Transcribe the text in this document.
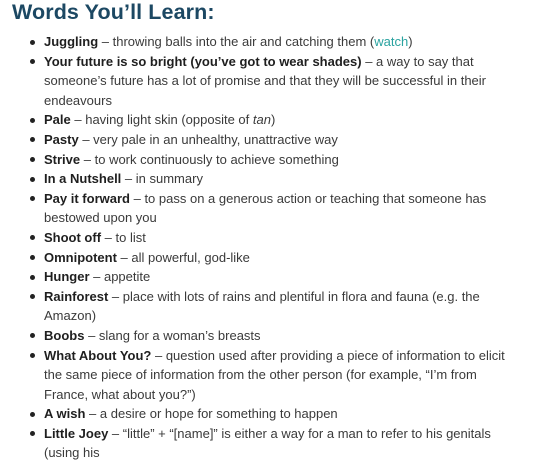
Words You’ll Learn:
Juggling – throwing balls into the air and catching them (watch)
Your future is so bright (you’ve got to wear shades) – a way to say that someone’s future has a lot of promise and that they will be successful in their endeavours
Pale – having light skin (opposite of tan)
Pasty – very pale in an unhealthy, unattractive way
Strive – to work continuously to achieve something
In a Nutshell – in summary
Pay it forward – to pass on a generous action or teaching that someone has bestowed upon you
Shoot off – to list
Omnipotent – all powerful, god-like
Hunger – appetite
Rainforest – place with lots of rains and plentiful in flora and fauna (e.g. the Amazon)
Boobs – slang for a woman’s breasts
What About You? – question used after providing a piece of information to elicit the same piece of information from the other person (for example, “I’m from France, what about you?”)
A wish – a desire or hope for something to happen
Little Joey – “little” + “[name]” is either a way for a man to refer to his genitals (using his
